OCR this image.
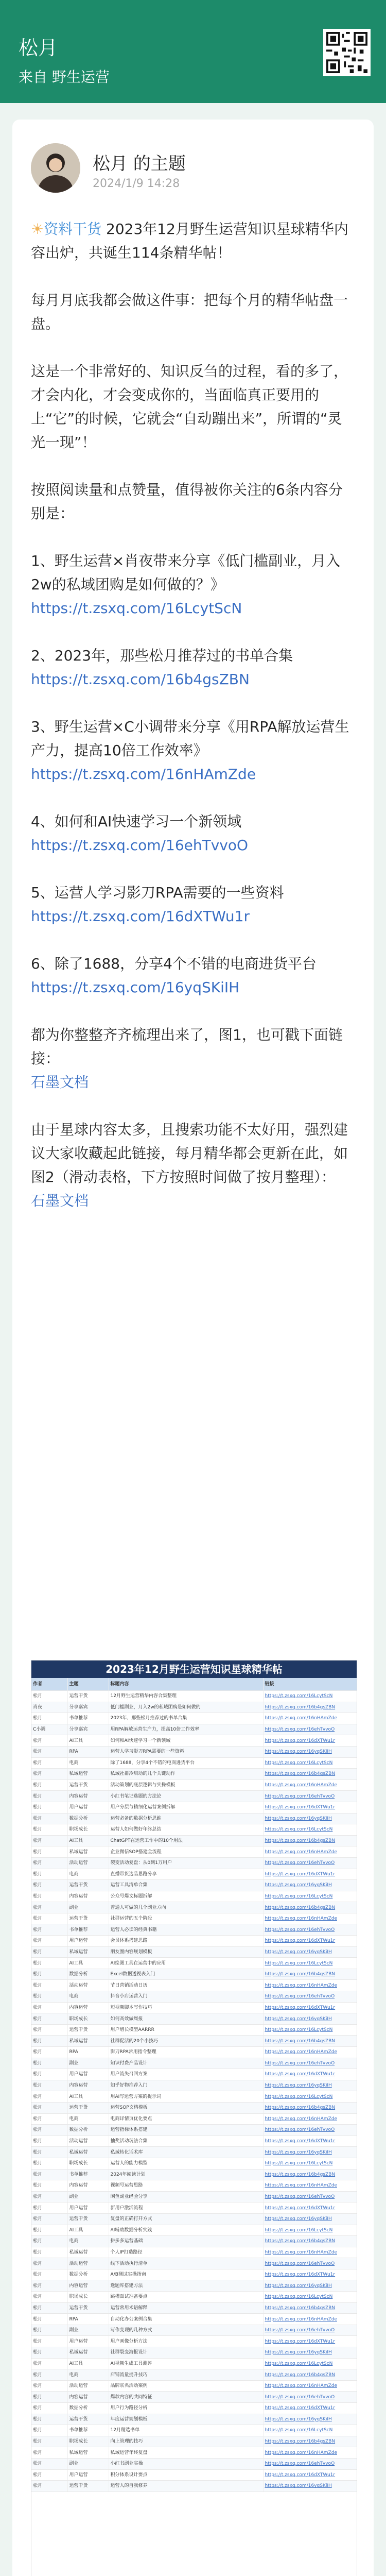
松月
来自 野生运营
松月 的主题
2024/1/9 14:28

☀资料干货 2023年12月野生运营知识星球精华内容出炉，共诞生114条精华帖！

每月月底我都会做这件事：把每个月的精华帖盘一盘。

这是一个非常好的、知识反刍的过程，看的多了，才会内化，才会变成你的，当面临真正要用的上“它”的时候，它就会“自动蹦出来”，所谓的“灵光一现”！

按照阅读量和点赞量，值得被你关注的6条内容分别是：

1、野生运营×肖夜带来分享《低门槛副业，月入2w的私域团购是如何做的？》
https://t.zsxq.com/16LcytScN

2、2023年，那些松月推荐过的书单合集
https://t.zsxq.com/16b4gsZBN

3、野生运营×C小调带来分享《用RPA解放运营生产力，提高10倍工作效率》
https://t.zsxq.com/16nHAmZde

4、如何和AI快速学习一个新领域
https://t.zsxq.com/16ehTvvoO

5、运营人学习影刀RPA需要的一些资料
https://t.zsxq.com/16dXTWu1r

6、除了1688，分享4个不错的电商进货平台
https://t.zsxq.com/16yqSKiIH

都为你整整齐齐梳理出来了，图1，也可戳下面链接：
石墨文档

由于星球内容太多，且搜索功能不太好用，强烈建议大家收藏起此链接，每月精华都会更新在此，如图2（滑动表格，下方按照时间做了按月整理）：
石墨文档

2023年12月野生运营知识星球精华帖
作者	主题	标题内容	链接
松月	运营干货	12月野生运营精华内容合集整理	https://t.zsxq.com/16LcytScN
肖夜	分享嘉宾	低门槛副业，月入2w的私域团购是如何做的	https://t.zsxq.com/16b4gsZBN
松月	书单推荐	2023年，那些松月推荐过的书单合集	https://t.zsxq.com/16nHAmZde
C小调	分享嘉宾	用RPA解放运营生产力，提高10倍工作效率	https://t.zsxq.com/16ehTvvoO
松月	AI工具	如何和AI快速学习一个新领域	https://t.zsxq.com/16dXTWu1r
松月	RPA	运营人学习影刀RPA需要的一些资料	https://t.zsxq.com/16yqSKiIH
松月	电商	除了1688，分享4个不错的电商进货平台	https://t.zsxq.com/16LcytScN
松月	私域运营	私域社群冷启动的几个关键动作	https://t.zsxq.com/16b4gsZBN
松月	运营干货	活动策划的底层逻辑与实操模板	https://t.zsxq.com/16nHAmZde
松月	内容运营	小红书笔记选题的方法论	https://t.zsxq.com/16ehTvvoO
松月	用户运营	用户分层与精细化运营案例拆解	https://t.zsxq.com/16dXTWu1r
松月	数据分析	运营必备的数据分析思维	https://t.zsxq.com/16yqSKiIH
松月	职场成长	运营人如何做好年终总结	https://t.zsxq.com/16LcytScN
松月	AI工具	ChatGPT在运营工作中的10个用法	https://t.zsxq.com/16b4gsZBN
松月	私域运营	企业微信SOP搭建全流程	https://t.zsxq.com/16nHAmZde
松月	活动运营	裂变活动复盘：从0到1万用户	https://t.zsxq.com/16ehTvvoO
松月	电商	直播带货选品思路分享	https://t.zsxq.com/16dXTWu1r
松月	运营干货	运营工具清单合集	https://t.zsxq.com/16yqSKiIH
松月	内容运营	公众号爆文标题拆解	https://t.zsxq.com/16LcytScN
松月	副业	普通人可做的几个副业方向	https://t.zsxq.com/16b4gsZBN
松月	运营干货	社群运营的五个阶段	https://t.zsxq.com/16nHAmZde
松月	书单推荐	运营人必读的经典书籍	https://t.zsxq.com/16ehTvvoO
松月	用户运营	会员体系搭建思路	https://t.zsxq.com/16dXTWu1r
松月	私域运营	朋友圈内容规划模板	https://t.zsxq.com/16yqSKiIH
松月	AI工具	AI绘图工具在运营中的应用	https://t.zsxq.com/16LcytScN
松月	数据分析	Excel数据透视表入门	https://t.zsxq.com/16b4gsZBN
松月	活动运营	节日营销活动日历	https://t.zsxq.com/16nHAmZde
松月	电商	抖音小店运营入门	https://t.zsxq.com/16ehTvvoO
松月	内容运营	短视频脚本写作技巧	https://t.zsxq.com/16dXTWu1r
松月	职场成长	如何高效做周报	https://t.zsxq.com/16yqSKiIH
松月	运营干货	用户增长模型AARRR	https://t.zsxq.com/16LcytScN
松月	私域运营	社群促活的20个小技巧	https://t.zsxq.com/16b4gsZBN
松月	RPA	影刀RPA常用指令整理	https://t.zsxq.com/16nHAmZde
松月	副业	知识付费产品设计	https://t.zsxq.com/16ehTvvoO
松月	用户运营	用户流失召回方案	https://t.zsxq.com/16dXTWu1r
松月	内容运营	知乎好物推荐入门	https://t.zsxq.com/16yqSKiIH
松月	AI工具	用AI写运营方案的提示词	https://t.zsxq.com/16LcytScN
松月	运营干货	运营SOP文档模板	https://t.zsxq.com/16b4gsZBN
松月	电商	电商详情页优化要点	https://t.zsxq.com/16nHAmZde
松月	数据分析	运营指标体系搭建	https://t.zsxq.com/16ehTvvoO
松月	活动运营	抽奖活动玩法合集	https://t.zsxq.com/16dXTWu1r
松月	私域运营	私域转化话术库	https://t.zsxq.com/16yqSKiIH
松月	职场成长	运营人的能力模型	https://t.zsxq.com/16LcytScN
松月	书单推荐	2024年阅读计划	https://t.zsxq.com/16b4gsZBN
松月	内容运营	视频号运营思路	https://t.zsxq.com/16nHAmZde
松月	副业	闲鱼副业经验分享	https://t.zsxq.com/16ehTvvoO
松月	用户运营	新用户激活流程	https://t.zsxq.com/16dXTWu1r
松月	运营干货	复盘的正确打开方式	https://t.zsxq.com/16yqSKiIH
松月	AI工具	AI辅助数据分析实践	https://t.zsxq.com/16LcytScN
松月	电商	拼多多运营基础	https://t.zsxq.com/16b4gsZBN
松月	私域运营	个人IP打造路径	https://t.zsxq.com/16nHAmZde
松月	活动运营	线下活动执行清单	https://t.zsxq.com/16ehTvvoO
松月	数据分析	A/B测试实操指南	https://t.zsxq.com/16dXTWu1r
松月	内容运营	选题库搭建方法	https://t.zsxq.com/16yqSKiIH
松月	职场成长	跳槽面试准备要点	https://t.zsxq.com/16LcytScN
松月	运营干货	运营常用术语解释	https://t.zsxq.com/16b4gsZBN
松月	RPA	自动化办公案例合集	https://t.zsxq.com/16nHAmZde
松月	副业	写作变现的几种方式	https://t.zsxq.com/16ehTvvoO
松月	用户运营	用户画像分析方法	https://t.zsxq.com/16dXTWu1r
松月	私域运营	社群裂变海报设计	https://t.zsxq.com/16yqSKiIH
松月	AI工具	AI视频生成工具测评	https://t.zsxq.com/16LcytScN
松月	电商	店铺流量提升技巧	https://t.zsxq.com/16b4gsZBN
松月	活动运营	品牌联名活动案例	https://t.zsxq.com/16nHAmZde
松月	内容运营	爆款内容的共同特征	https://t.zsxq.com/16ehTvvoO
松月	数据分析	用户行为路径分析	https://t.zsxq.com/16dXTWu1r
松月	运营干货	年度运营规划模板	https://t.zsxq.com/16yqSKiIH
松月	书单推荐	12月精选书单	https://t.zsxq.com/16LcytScN
松月	职场成长	向上管理的技巧	https://t.zsxq.com/16b4gsZBN
松月	私域运营	私域运营年终复盘	https://t.zsxq.com/16nHAmZde
松月	副业	小红书副业实操	https://t.zsxq.com/16ehTvvoO
松月	用户运营	积分体系设计要点	https://t.zsxq.com/16dXTWu1r
松月	运营干货	运营人的自我修养	https://t.zsxq.com/16yqSKiIH
